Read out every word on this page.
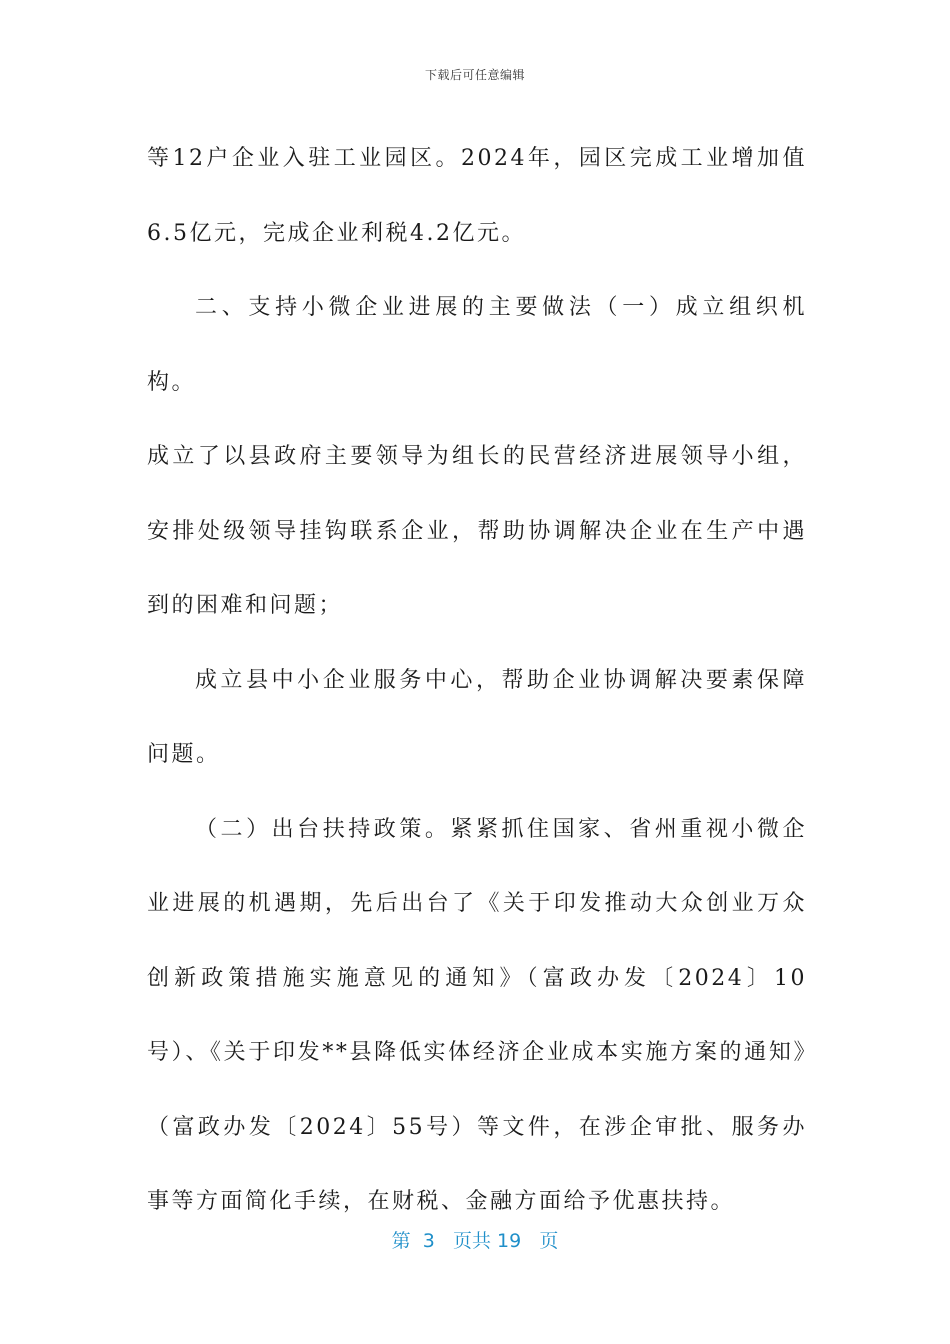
下载后可任意编辑

等12户企业入驻工业园区。2024年，园区完成工业增加值6.5亿元，完成企业利税4.2亿元。

二、支持小微企业进展的主要做法（一）成立组织机构。

成立了以县政府主要领导为组长的民营经济进展领导小组，安排处级领导挂钩联系企业，帮助协调解决企业在生产中遇到的困难和问题；

成立县中小企业服务中心，帮助企业协调解决要素保障问题。

（二）出台扶持政策。紧紧抓住国家、省州重视小微企业进展的机遇期，先后出台了《关于印发推动大众创业万众创新政策措施实施意见的通知》（富政办发〔2024〕10号）、《关于印发**县降低实体经济企业成本实施方案的通知》（富政办发〔2024〕55号）等文件，在涉企审批、服务办事等方面简化手续，在财税、金融方面给予优惠扶持。

第 3 页共 19 页
